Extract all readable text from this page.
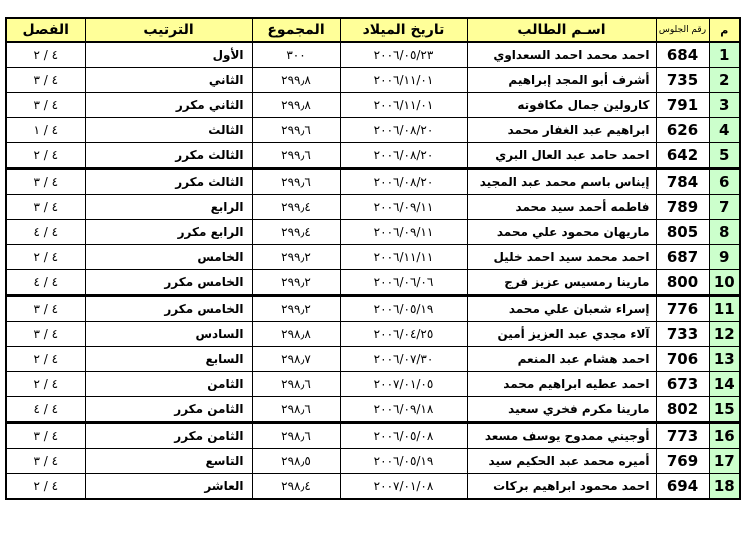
م	رقم الجلوس	اسـم الطالب	تاريخ الميلاد	المجموع	الترتيب	الفصل
1	684	احمد محمد احمد السعداوي	٢٠٠٦/٠٥/٢٣	٣٠٠	الأول	٤ / ٢
2	735	أشرف أبو المجد إبراهيم	٢٠٠٦/١١/٠١	٢٩٩٫٨	الثاني	٤ / ٣
3	791	كارولين جمال مكافوته	٢٠٠٦/١١/٠١	٢٩٩٫٨	الثاني مكرر	٤ / ٣
4	626	ابراهيم عبد الغفار محمد	٢٠٠٦/٠٨/٢٠	٢٩٩٫٦	الثالث	٤ / ١
5	642	احمد حامد عبد العال البري	٢٠٠٦/٠٨/٢٠	٢٩٩٫٦	الثالث مكرر	٤ / ٢
6	784	إيناس باسم محمد عبد المجيد	٢٠٠٦/٠٨/٢٠	٢٩٩٫٦	الثالث مكرر	٤ / ٣
7	789	فاطمه أحمد سيد محمد	٢٠٠٦/٠٩/١١	٢٩٩٫٤	الرابع	٤ / ٣
8	805	ماريهان محمود علي محمد	٢٠٠٦/٠٩/١١	٢٩٩٫٤	الرابع مكرر	٤ / ٤
9	687	احمد محمد سيد احمد خليل	٢٠٠٦/١١/١١	٢٩٩٫٢	الخامس	٤ / ٢
10	800	مارينا رمسيس عزيز فرج	٢٠٠٦/٠٦/٠٦	٢٩٩٫٢	الخامس مكرر	٤ / ٤
11	776	إسراء شعبان علي محمد	٢٠٠٦/٠٥/١٩	٢٩٩٫٢	الخامس مكرر	٤ / ٣
12	733	آلاء مجدي عبد العزيز أمين	٢٠٠٦/٠٤/٢٥	٢٩٨٫٨	السادس	٤ / ٣
13	706	احمد هشام عبد المنعم	٢٠٠٦/٠٧/٣٠	٢٩٨٫٧	السابع	٤ / ٢
14	673	احمد عطيه ابراهيم محمد	٢٠٠٧/٠١/٠٥	٢٩٨٫٦	الثامن	٤ / ٢
15	802	مارينا مكرم فخري سعيد	٢٠٠٦/٠٩/١٨	٢٩٨٫٦	الثامن مكرر	٤ / ٤
16	773	أوجيني ممدوح يوسف مسعد	٢٠٠٦/٠٥/٠٨	٢٩٨٫٦	الثامن مكرر	٤ / ٣
17	769	أميره محمد عبد الحكيم سيد	٢٠٠٦/٠٥/١٩	٢٩٨٫٥	التاسع	٤ / ٣
18	694	احمد محمود ابراهيم بركات	٢٠٠٧/٠١/٠٨	٢٩٨٫٤	العاشر	٤ / ٢
